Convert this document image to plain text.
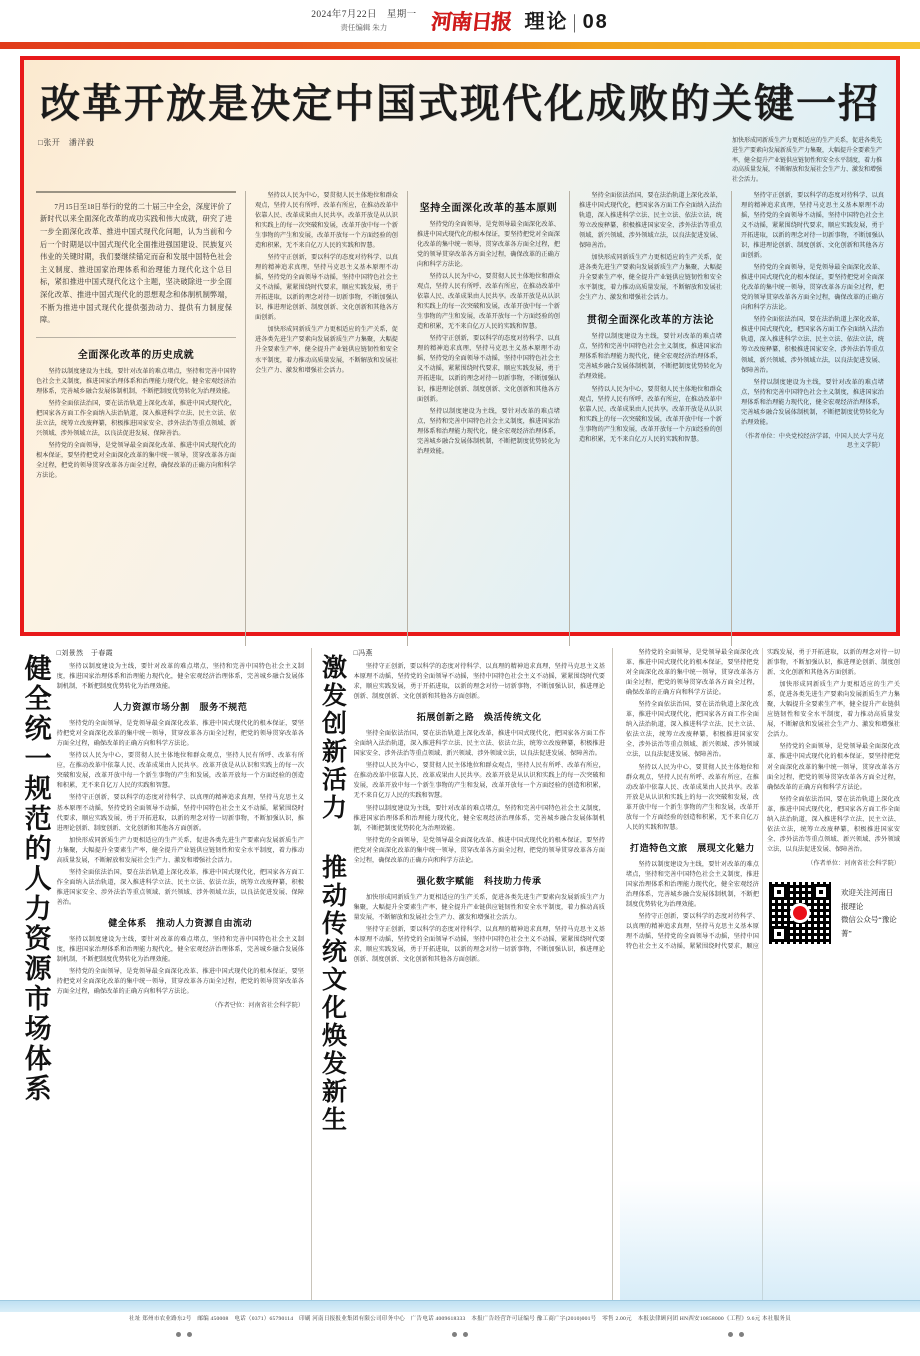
2024年7月22日　星期一
责任编辑 朱力	河南日报 理论 | 08
改革开放是决定中国式现代化成败的关键一招
□张开　潘洋毅	加快形成同新质生产力更相适应的生产关系，促进各类先进生产要素向发展新质生产力集聚，大幅提升全要素生产率，健全提升产业链供应链韧性和安全水平制度，着力推动高质量发展，不断解放和发展社会生产力、激发和增强社会活力。

7月15日至18日举行的党的二十届三中全会，深度评价了新时代以来全面深化改革的成功实践和伟大成就，研究了进一步全面深化改革、推进中国式现代化问题，认为当前和今后一个时期是以中国式现代化全面推进强国建设、民族复兴伟业的关键时期，我们要继续锚定而奋和发展中国特色社会主义制度、推进国家治理体系和治理能力现代化这个总目标，紧扣推进中国式现代化这个主题，坚决破除进一步全面深化改革、推进中国式现代化的思想观念和体制机制弊端，不断为推进中国式现代化提供强劲动力、提供有力制度保障。

全面深化改革的历史成就

坚持以制度建设为主线，要针对改革的难点堵点，坚持和完善中国特色社会主义制度，推进国家治理体系和治理能力现代化，健全宏观经济治理体系，完善城乡融合发展体制机制，不断把制度优势转化为治理效能。

坚持全面依法治国，要在法治轨道上深化改革，推进中国式现代化，把国家各方面工作全面纳入法治轨道，深入推进科学立法、民主立法、依法立法，统筹立改废释纂，积极推进国家安全、涉外法治等重点领域、新兴领域、涉外领域立法，以良法促进发展、保障善治。

坚持党的全面领导，是党领导最全面深化改革、推进中国式现代化的根本保证，要坚持把党对全面深化改革的集中统一领导，贯穿改革各方面全过程，把党的领导贯穿改革各方面全过程，确保改革的正确方向和科学方法论。

坚持以人民为中心，要贯彻人民主体地位和群众观点，坚持人民有所呼、改革有所应，在推动改革中依靠人民、改革成果由人民共享。改革开放是从认识和实践上的每一次突破和发展，改革开放中每一个新生事物的产生和发展，改革开放每一个方面经验的创造和积累，无不来自亿万人民的实践和智慧。

坚持守正创新，要以科学的态度对待科学、以真理的精神追求真理，坚持马克思主义基本原理不动摇，坚持党的全面领导不动摇，坚持中国特色社会主义不动摇，紧紧围绕时代要求，顺应实践发展，勇于开拓进取，以新的理念对待一切新事物，不断加强认识，推进理论创新、制度创新、文化创新和其他各方面创新。

加快形成同新质生产力更相适应的生产关系，促进各类先进生产要素向发展新质生产力集聚，大幅提升全要素生产率，健全提升产业链供应链韧性和安全水平制度，着力推动高质量发展，不断解放和发展社会生产力、激发和增强社会活力。

坚持全面深化改革的基本原则

坚持党的全面领导，是党领导最全面深化改革、推进中国式现代化的根本保证，要坚持把党对全面深化改革的集中统一领导，贯穿改革各方面全过程，把党的领导贯穿改革各方面全过程，确保改革的正确方向和科学方法论。

坚持以人民为中心，要贯彻人民主体地位和群众观点，坚持人民有所呼、改革有所应，在推动改革中依靠人民、改革成果由人民共享。改革开放是从认识和实践上的每一次突破和发展，改革开放中每一个新生事物的产生和发展，改革开放每一个方面经验的创造和积累，无不来自亿万人民的实践和智慧。

坚持守正创新，要以科学的态度对待科学、以真理的精神追求真理，坚持马克思主义基本原理不动摇，坚持党的全面领导不动摇，坚持中国特色社会主义不动摇，紧紧围绕时代要求，顺应实践发展，勇于开拓进取，以新的理念对待一切新事物，不断加强认识，推进理论创新、制度创新、文化创新和其他各方面创新。

坚持以制度建设为主线，要针对改革的难点堵点，坚持和完善中国特色社会主义制度，推进国家治理体系和治理能力现代化，健全宏观经济治理体系，完善城乡融合发展体制机制，不断把制度优势转化为治理效能。

坚持全面依法治国，要在法治轨道上深化改革，推进中国式现代化，把国家各方面工作全面纳入法治轨道，深入推进科学立法、民主立法、依法立法，统筹立改废释纂，积极推进国家安全、涉外法治等重点领域、新兴领域、涉外领域立法，以良法促进发展、保障善治。

加快形成同新质生产力更相适应的生产关系，促进各类先进生产要素向发展新质生产力集聚，大幅提升全要素生产率，健全提升产业链供应链韧性和安全水平制度，着力推动高质量发展，不断解放和发展社会生产力、激发和增强社会活力。

贯彻全面深化改革的方法论

坚持以制度建设为主线，要针对改革的难点堵点，坚持和完善中国特色社会主义制度，推进国家治理体系和治理能力现代化，健全宏观经济治理体系，完善城乡融合发展体制机制，不断把制度优势转化为治理效能。

坚持以人民为中心，要贯彻人民主体地位和群众观点，坚持人民有所呼、改革有所应，在推动改革中依靠人民、改革成果由人民共享。改革开放是从认识和实践上的每一次突破和发展，改革开放中每一个新生事物的产生和发展，改革开放每一个方面经验的创造和积累，无不来自亿万人民的实践和智慧。

坚持守正创新，要以科学的态度对待科学、以真理的精神追求真理，坚持马克思主义基本原理不动摇，坚持党的全面领导不动摇，坚持中国特色社会主义不动摇，紧紧围绕时代要求，顺应实践发展，勇于开拓进取，以新的理念对待一切新事物，不断加强认识，推进理论创新、制度创新、文化创新和其他各方面创新。

坚持党的全面领导，是党领导最全面深化改革、推进中国式现代化的根本保证，要坚持把党对全面深化改革的集中统一领导，贯穿改革各方面全过程，把党的领导贯穿改革各方面全过程，确保改革的正确方向和科学方法论。

坚持全面依法治国，要在法治轨道上深化改革，推进中国式现代化，把国家各方面工作全面纳入法治轨道，深入推进科学立法、民主立法、依法立法，统筹立改废释纂，积极推进国家安全、涉外法治等重点领域、新兴领域、涉外领域立法，以良法促进发展、保障善治。

坚持以制度建设为主线，要针对改革的难点堵点，坚持和完善中国特色社会主义制度，推进国家治理体系和治理能力现代化，健全宏观经济治理体系，完善城乡融合发展体制机制，不断把制度优势转化为治理效能。

（作者单位：中央党校经济学部、中国人民大学马克思主义学院）
健全统一规范的人力资源市场体系
□刘景然　于春霞

坚持以制度建设为主线，要针对改革的难点堵点，坚持和完善中国特色社会主义制度，推进国家治理体系和治理能力现代化，健全宏观经济治理体系，完善城乡融合发展体制机制，不断把制度优势转化为治理效能。

人力资源市场分割　服务不规范

坚持党的全面领导，是党领导最全面深化改革、推进中国式现代化的根本保证，要坚持把党对全面深化改革的集中统一领导，贯穿改革各方面全过程，把党的领导贯穿改革各方面全过程，确保改革的正确方向和科学方法论。

坚持以人民为中心，要贯彻人民主体地位和群众观点，坚持人民有所呼、改革有所应，在推动改革中依靠人民、改革成果由人民共享。改革开放是从认识和实践上的每一次突破和发展，改革开放中每一个新生事物的产生和发展，改革开放每一个方面经验的创造和积累，无不来自亿万人民的实践和智慧。

坚持守正创新，要以科学的态度对待科学、以真理的精神追求真理，坚持马克思主义基本原理不动摇，坚持党的全面领导不动摇，坚持中国特色社会主义不动摇，紧紧围绕时代要求，顺应实践发展，勇于开拓进取，以新的理念对待一切新事物，不断加强认识，推进理论创新、制度创新、文化创新和其他各方面创新。

加快形成同新质生产力更相适应的生产关系，促进各类先进生产要素向发展新质生产力集聚，大幅提升全要素生产率，健全提升产业链供应链韧性和安全水平制度，着力推动高质量发展，不断解放和发展社会生产力、激发和增强社会活力。

坚持全面依法治国，要在法治轨道上深化改革，推进中国式现代化，把国家各方面工作全面纳入法治轨道，深入推进科学立法、民主立法、依法立法，统筹立改废释纂，积极推进国家安全、涉外法治等重点领域、新兴领域、涉外领域立法，以良法促进发展、保障善治。

健全体系　推动人力资源自由流动

坚持以制度建设为主线，要针对改革的难点堵点，坚持和完善中国特色社会主义制度，推进国家治理体系和治理能力现代化，健全宏观经济治理体系，完善城乡融合发展体制机制，不断把制度优势转化为治理效能。

坚持党的全面领导，是党领导最全面深化改革、推进中国式现代化的根本保证，要坚持把党对全面深化改革的集中统一领导，贯穿改革各方面全过程，把党的领导贯穿改革各方面全过程，确保改革的正确方向和科学方法论。

（作者단位：河南省社会科学院） 激发创新活力 推动传统文化焕发新生
□冯燕

坚持守正创新，要以科学的态度对待科学、以真理的精神追求真理，坚持马克思主义基本原理不动摇，坚持党的全面领导不动摇，坚持中国特色社会主义不动摇，紧紧围绕时代要求，顺应实践发展，勇于开拓进取，以新的理念对待一切新事物，不断加强认识，推进理论创新、制度创新、文化创新和其他各方面创新。

拓展创新之路　焕活传统文化

坚持全面依法治国，要在法治轨道上深化改革，推进中国式现代化，把国家各方面工作全面纳入法治轨道，深入推进科学立法、民主立法、依法立法，统筹立改废释纂，积极推进国家安全、涉外法治等重点领域、新兴领域、涉外领域立法，以良法促进发展、保障善治。

坚持以人民为中心，要贯彻人民主体地位和群众观点，坚持人民有所呼、改革有所应，在推动改革中依靠人民、改革成果由人民共享。改革开放是从认识和实践上的每一次突破和发展，改革开放中每一个新生事物的产生和发展，改革开放每一个方面经验的创造和积累，无不来自亿万人民的实践和智慧。

坚持以制度建设为主线，要针对改革的难点堵点，坚持和完善中国特色社会主义制度，推进国家治理体系和治理能力现代化，健全宏观经济治理体系，完善城乡融合发展体制机制，不断把制度优势转化为治理效能。

坚持党的全面领导，是党领导最全面深化改革、推进中国式现代化的根本保证，要坚持把党对全面深化改革的集中统一领导，贯穿改革各方面全过程，把党的领导贯穿改革各方面全过程，确保改革的正确方向和科学方法论。

强化数字赋能　科技助力传承

加快形成同新质生产力更相适应的生产关系，促进各类先进生产要素向发展新质生产力集聚，大幅提升全要素生产率，健全提升产业链供应链韧性和安全水平制度，着力推动高质量发展，不断解放和发展社会生产力、激发和增强社会活力。

坚持守正创新，要以科学的态度对待科学、以真理的精神追求真理，坚持马克思主义基本原理不动摇，坚持党的全面领导不动摇，坚持中国特色社会主义不动摇，紧紧围绕时代要求，顺应实践发展，勇于开拓进取，以新的理念对待一切新事物，不断加强认识，推进理论创新、制度创新、文化创新和其他各方面创新。

坚持党的全面领导，是党领导最全面深化改革、推进中国式现代化的根本保证，要坚持把党对全面深化改革的集中统一领导，贯穿改革各方面全过程，把党的领导贯穿改革各方面全过程，确保改革的正确方向和科学方法论。

坚持全面依法治国，要在法治轨道上深化改革，推进中国式现代化，把国家各方面工作全面纳入法治轨道，深入推进科学立法、民主立法、依法立法，统筹立改废释纂，积极推进国家安全、涉外法治等重点领域、新兴领域、涉外领域立法，以良法促进发展、保障善治。

坚持以人民为中心，要贯彻人民主体地位和群众观点，坚持人民有所呼、改革有所应，在推动改革中依靠人民、改革成果由人民共享。改革开放是从认识和实践上的每一次突破和发展，改革开放中每一个新生事物的产生和发展，改革开放每一个方面经验的创造和积累，无不来自亿万人民的实践和智慧。

打造特色文旅　展现文化魅力

坚持以制度建设为主线，要针对改革的难点堵点，坚持和完善中国特色社会主义制度，推进国家治理体系和治理能力现代化，健全宏观经济治理体系，完善城乡融合发展体制机制，不断把制度优势转化为治理效能。

坚持守正创新，要以科学的态度对待科学、以真理的精神追求真理，坚持马克思主义基本原理不动摇，坚持党的全面领导不动摇，坚持中国特色社会主义不动摇，紧紧围绕时代要求，顺应实践发展，勇于开拓进取，以新的理念对待一切新事物，不断加强认识，推进理论创新、制度创新、文化创新和其他各方面创新。

加快形成同新质生产力更相适应的生产关系，促进各类先进生产要素向发展新质生产力集聚，大幅提升全要素生产率，健全提升产业链供应链韧性和安全水平制度，着力推动高质量发展，不断解放和发展社会生产力、激发和增强社会活力。

坚持党的全面领导，是党领导最全面深化改革、推进中国式现代化的根本保证，要坚持把党对全面深化改革的集中统一领导，贯穿改革各方面全过程，把党的领导贯穿改革各方面全过程，确保改革的正确方向和科学方法论。

坚持全面依法治国，要在法治轨道上深化改革，推进中国式现代化，把国家各方面工作全面纳入法治轨道，深入推进科学立法、民主立法、依法立法，统筹立改废释纂，积极推进国家安全、涉外法治等重点领域、新兴领域、涉外领域立法，以良法促进发展、保障善治。

（作者单位：河南省社会科学院）
欢迎关注河南日报理论
微信公众号“豫论菁”
社址 郑州市农业路东2号　邮编 450008　电话（0371）65790114　印刷 河南日报报业集团有限公司印务中心　广告电话 4009618333　本报广告经营许可证编号 豫工商广字(2010)001号　零售 2.00元　本报法律顾问团 HN西安10858000《工程》9.6元 本社服务员
